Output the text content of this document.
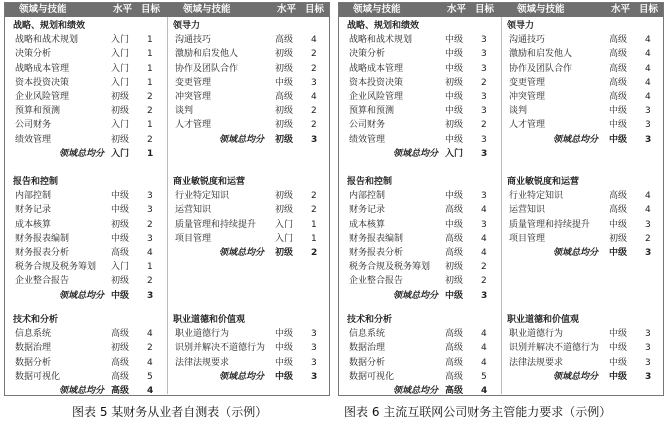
领域与技能	水平 目标 领域与技能	水平 目标
战略、规划和绩效
战略和战术规划	入门 1
决策分析	入门 1
战略成本管理	入门 1
资本投资决策	入门 1
企业风险管理	初级 2
预算和预测	初级 2
公司财务	入门 1
绩效管理	初级 2
领域总均分 入门 1
领导力
沟通技巧	高级 4
激励和启发他人	初级 2
协作及团队合作	初级 2
变更管理	中级 3
冲突管理	高级 4
谈判	初级 2
人才管理	初级 2
领域总均分 初级 3
报告和控制
内部控制	中级 3
财务记录	中级 3
成本核算	初级 2
财务报表编制	中级 3
财务报表分析	高级 4
税务合规及税务筹划 入门 1
企业整合报告	初级 2
领域总均分 中级 3
商业敏锐度和运营
行业特定知识	初级 2
运营知识	初级 2
质量管理和持续提升 入门 1
项目管理	入门 1
领域总均分 初级 2
技术和分析
信息系统	高级 4
数据治理	初级 2
数据分析	高级 4
数据可视化	高级 5
领域总均分 高级 4
职业道德和价值观
职业道德行为	中级 3
识别并解决不道德行为 中级 3
法律法规要求	中级 3
领域总均分 中级 3
领域与技能	水平 目标 领域与技能	水平 目标
战略、规划和绩效
战略和战术规划	中级 3
决策分析	中级 3
战略成本管理	中级 3
资本投资决策	初级 2
企业风险管理	中级 3
预算和预测	中级 3
公司财务	初级 2
绩效管理	中级 3
领域总均分 入门 3
领导力
沟通技巧	高级 4
激励和启发他人	高级 4
协作及团队合作	高级 4
变更管理	高级 4
冲突管理	高级 4
谈判	中级 3
人才管理	中级 3
领域总均分 中级 3
报告和控制
内部控制	中级 3
财务记录	高级 4
成本核算	中级 3
财务报表编制	高级 4
财务报表分析	高级 4
税务合规及税务筹划 初级 2
企业整合报告	初级 2
领域总均分 中级 3
商业敏锐度和运营
行业特定知识	高级 4
运营知识	高级 4
质量管理和持续提升 中级 3
项目管理	初级 2
领域总均分 中级 3
技术和分析
信息系统	高级 4
数据治理	高级 4
数据分析	高级 4
数据可视化	高级 5
领域总均分 高级 4
职业道德和价值观
职业道德行为	中级 3
识别并解决不道德行为 中级 3
法律法规要求	中级 3
领域总均分 中级 3
图表 5 某财务从业者自测表（示例）	图表 6 主流互联网公司财务主管能力要求（示例）
